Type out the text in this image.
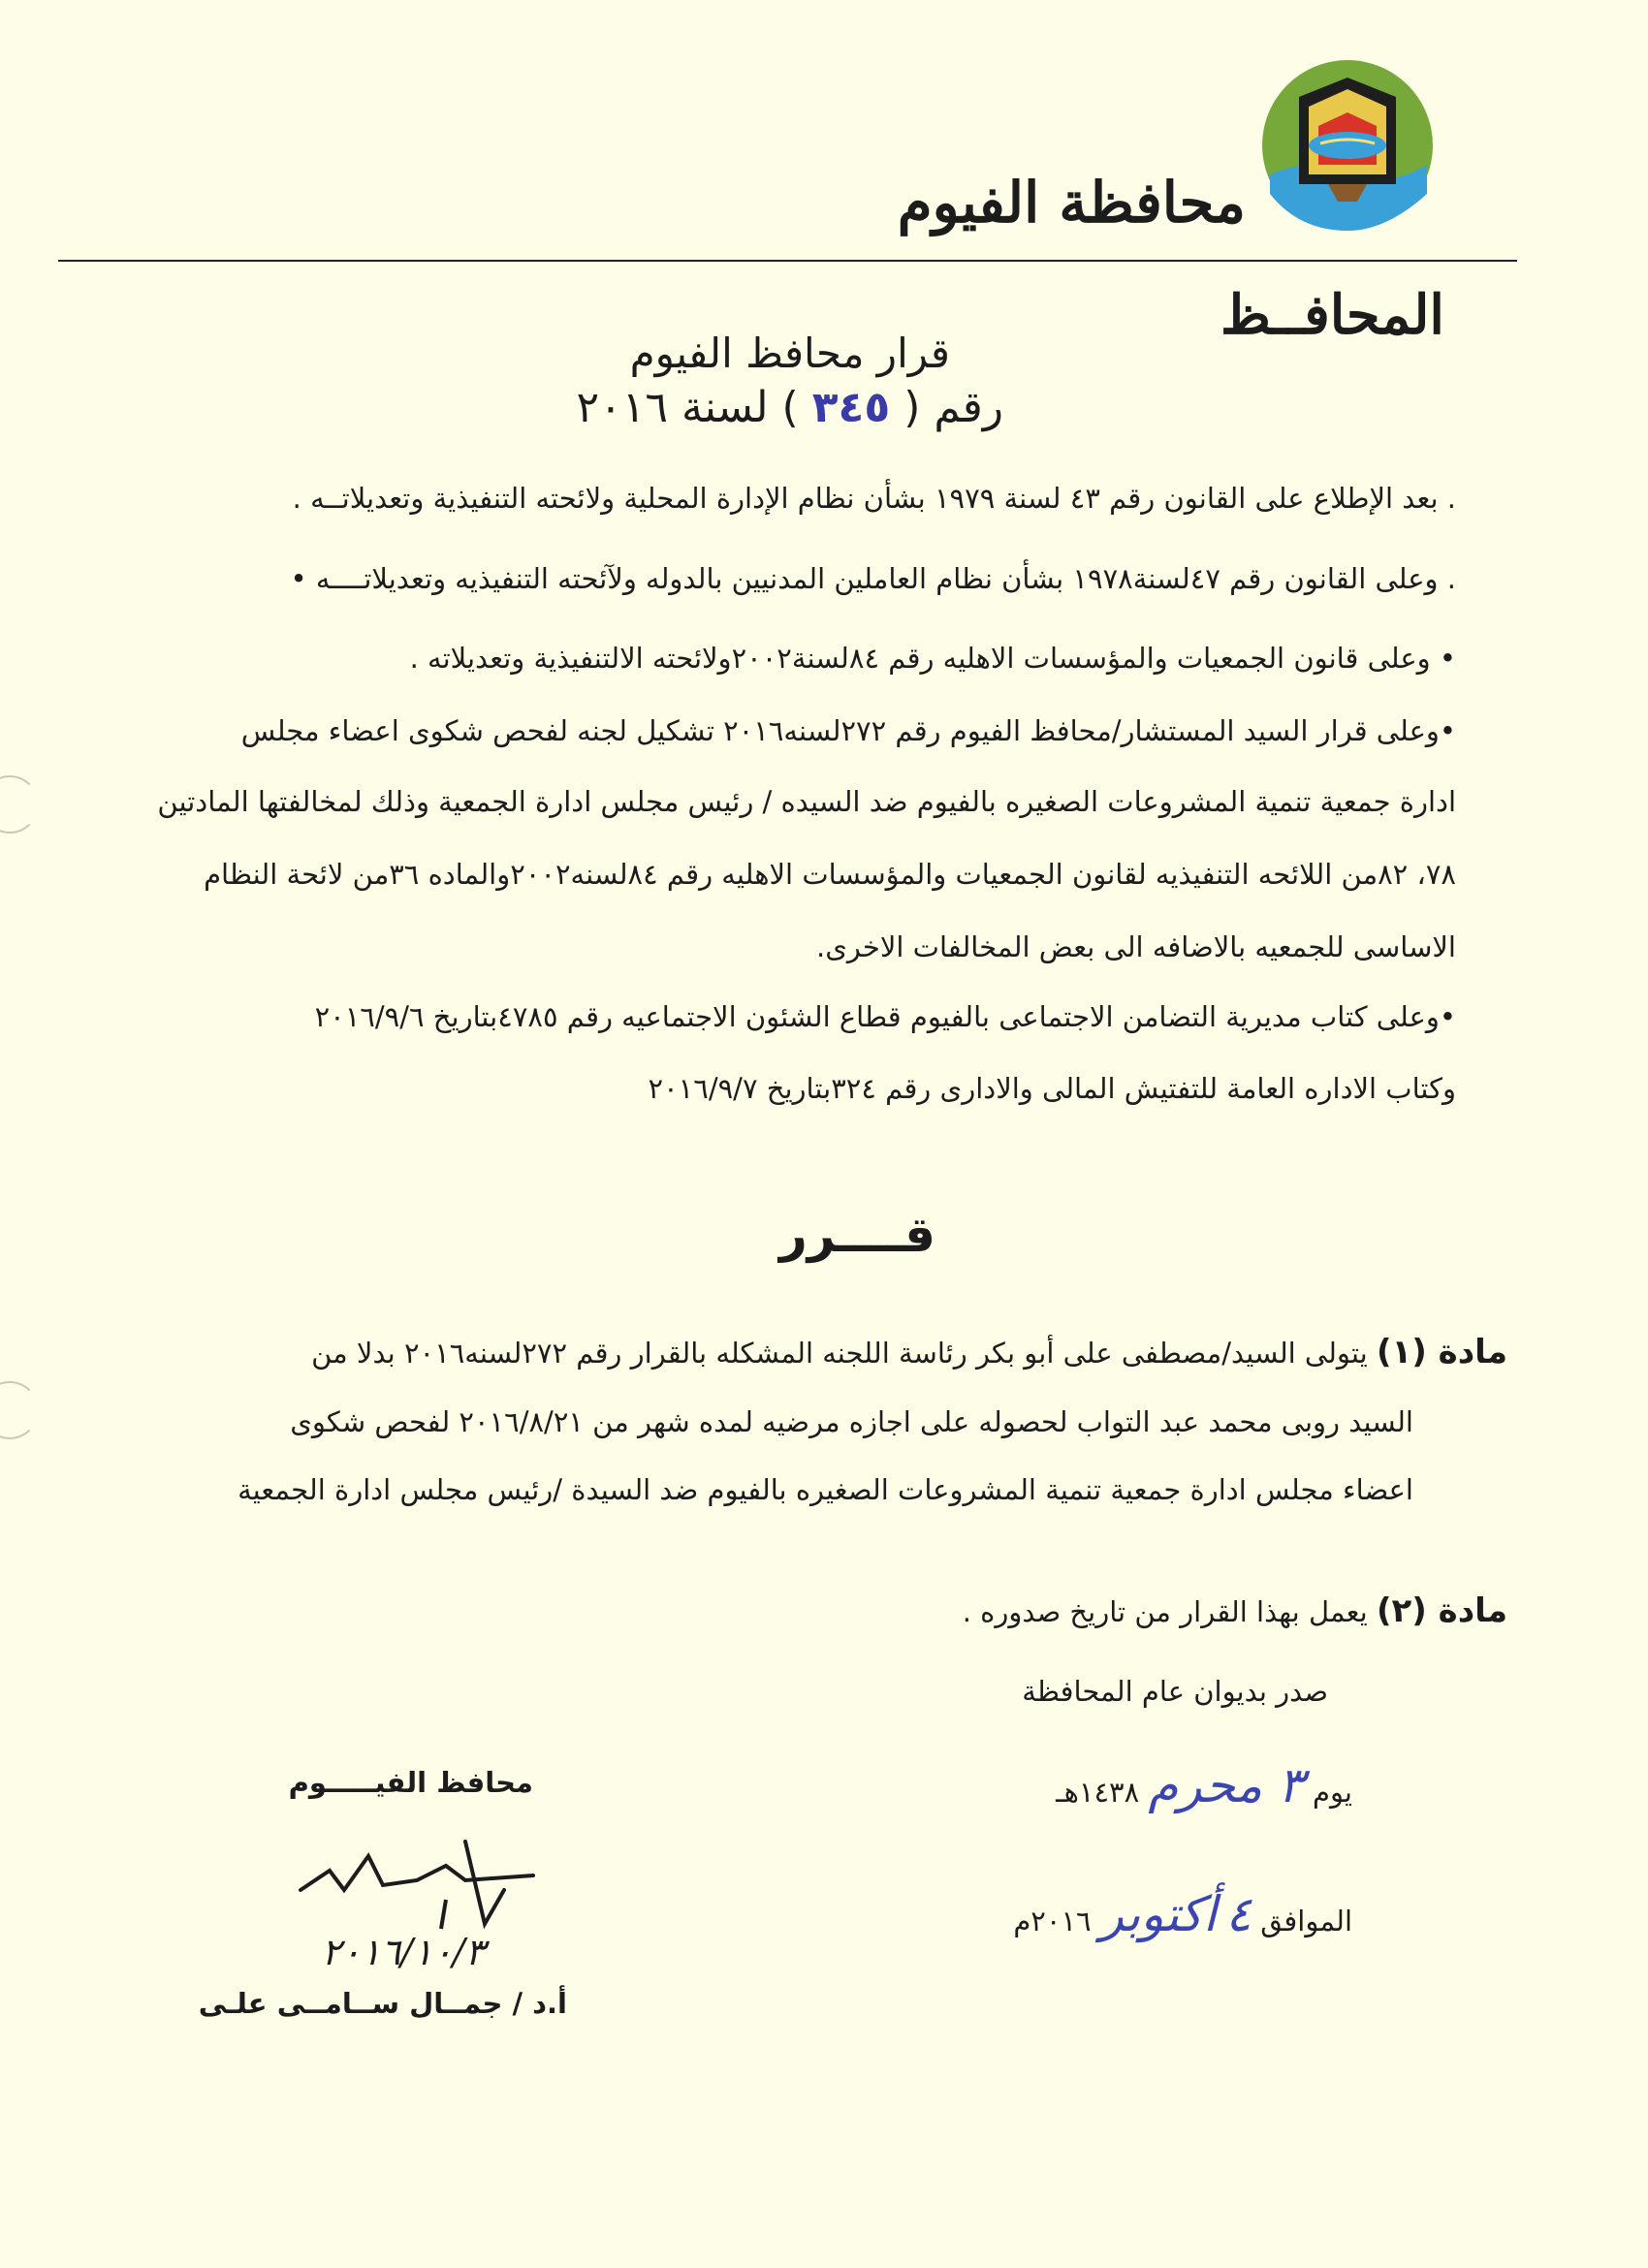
محافظة الفيوم
المحافــظ
قرار محافظ الفيوم
رقم ( ٣٤٥ ) لسنة ٢٠١٦
. بعد الإطلاع على القانون رقم ٤٣ لسنة ١٩٧٩ بشأن نظام الإدارة المحلية ولائحته التنفيذية وتعديلاتــه .
. وعلى القانون رقم ٤٧لسنة١٩٧٨ بشأن نظام العاملين المدنيين بالدوله ولآئحته التنفيذيه وتعديلاتــــه •
• وعلى قانون الجمعيات والمؤسسات الاهليه رقم ٨٤لسنة٢٠٠٢ولائحته الالتنفيذية وتعديلاته .
•وعلى قرار السيد المستشار/محافظ الفيوم رقم ٢٧٢لسنه٢٠١٦ تشكيل لجنه لفحص شكوى اعضاء مجلس
ادارة جمعية تنمية المشروعات الصغيره بالفيوم ضد السيده / رئيس مجلس ادارة الجمعية وذلك لمخالفتها المادتين
٧٨، ٨٢من اللائحه التنفيذيه لقانون الجمعيات والمؤسسات الاهليه رقم ٨٤لسنه٢٠٠٢والماده ٣٦من لائحة النظام
الاساسى للجمعيه بالاضافه الى بعض المخالفات الاخرى.
•وعلى كتاب مديرية التضامن الاجتماعى بالفيوم قطاع الشئون الاجتماعيه رقم ٤٧٨٥بتاريخ ٢٠١٦/٩/٦
وكتاب الاداره العامة للتفتيش المالى والادارى رقم ٣٢٤بتاريخ ٢٠١٦/٩/٧
قــــرر
مادة (١) يتولى السيد/مصطفى على أبو بكر رئاسة اللجنه المشكله بالقرار رقم ٢٧٢لسنه٢٠١٦ بدلا من
السيد روبى محمد عبد التواب لحصوله على اجازه مرضيه لمده شهر من ٢٠١٦/٨/٢١ لفحص شكوى
اعضاء مجلس ادارة جمعية تنمية المشروعات الصغيره بالفيوم ضد السيدة /رئيس مجلس ادارة الجمعية
مادة (٢) يعمل بهذا القرار من تاريخ صدوره .
صدر بديوان عام المحافظة
يوم ٣ محرم ١٤٣٨هـ
الموافق ٤ أكتوبر ٢٠١٦م
محافظ الفيـــــوم
٢٠١٦/١٠/٣
أ.د / جمــال ســامــى علـى
